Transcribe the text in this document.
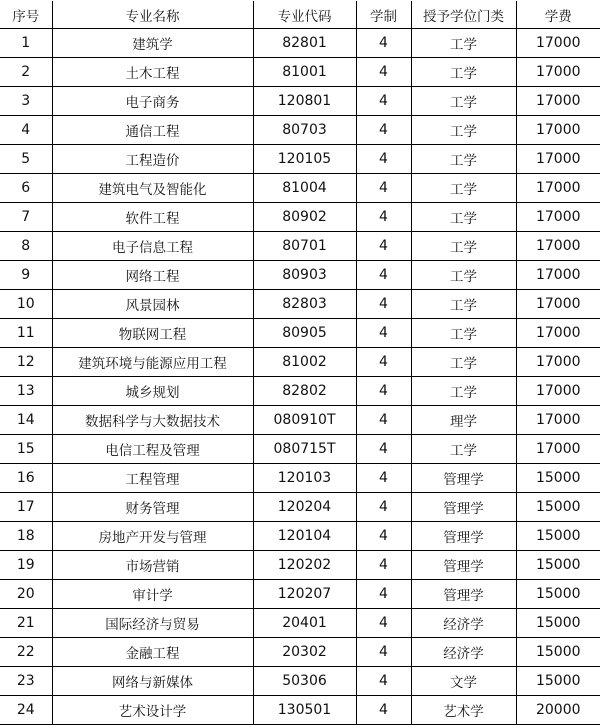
序号	专业名称	专业代码	学制	授予学位门类	学费
1	建筑学	82801	4	工学	17000
2	土木工程	81001	4	工学	17000
3	电子商务	120801	4	工学	17000
4	通信工程	80703	4	工学	17000
5	工程造价	120105	4	工学	17000
6	建筑电气及智能化	81004	4	工学	17000
7	软件工程	80902	4	工学	17000
8	电子信息工程	80701	4	工学	17000
9	网络工程	80903	4	工学	17000
10	风景园林	82803	4	工学	17000
11	物联网工程	80905	4	工学	17000
12	建筑环境与能源应用工程	81002	4	工学	17000
13	城乡规划	82802	4	工学	17000
14	数据科学与大数据技术	080910T	4	理学	17000
15	电信工程及管理	080715T	4	工学	17000
16	工程管理	120103	4	管理学	15000
17	财务管理	120204	4	管理学	15000
18	房地产开发与管理	120104	4	管理学	15000
19	市场营销	120202	4	管理学	15000
20	审计学	120207	4	管理学	15000
21	国际经济与贸易	20401	4	经济学	15000
22	金融工程	20302	4	经济学	15000
23	网络与新媒体	50306	4	文学	15000
24	艺术设计学	130501	4	艺术学	20000
